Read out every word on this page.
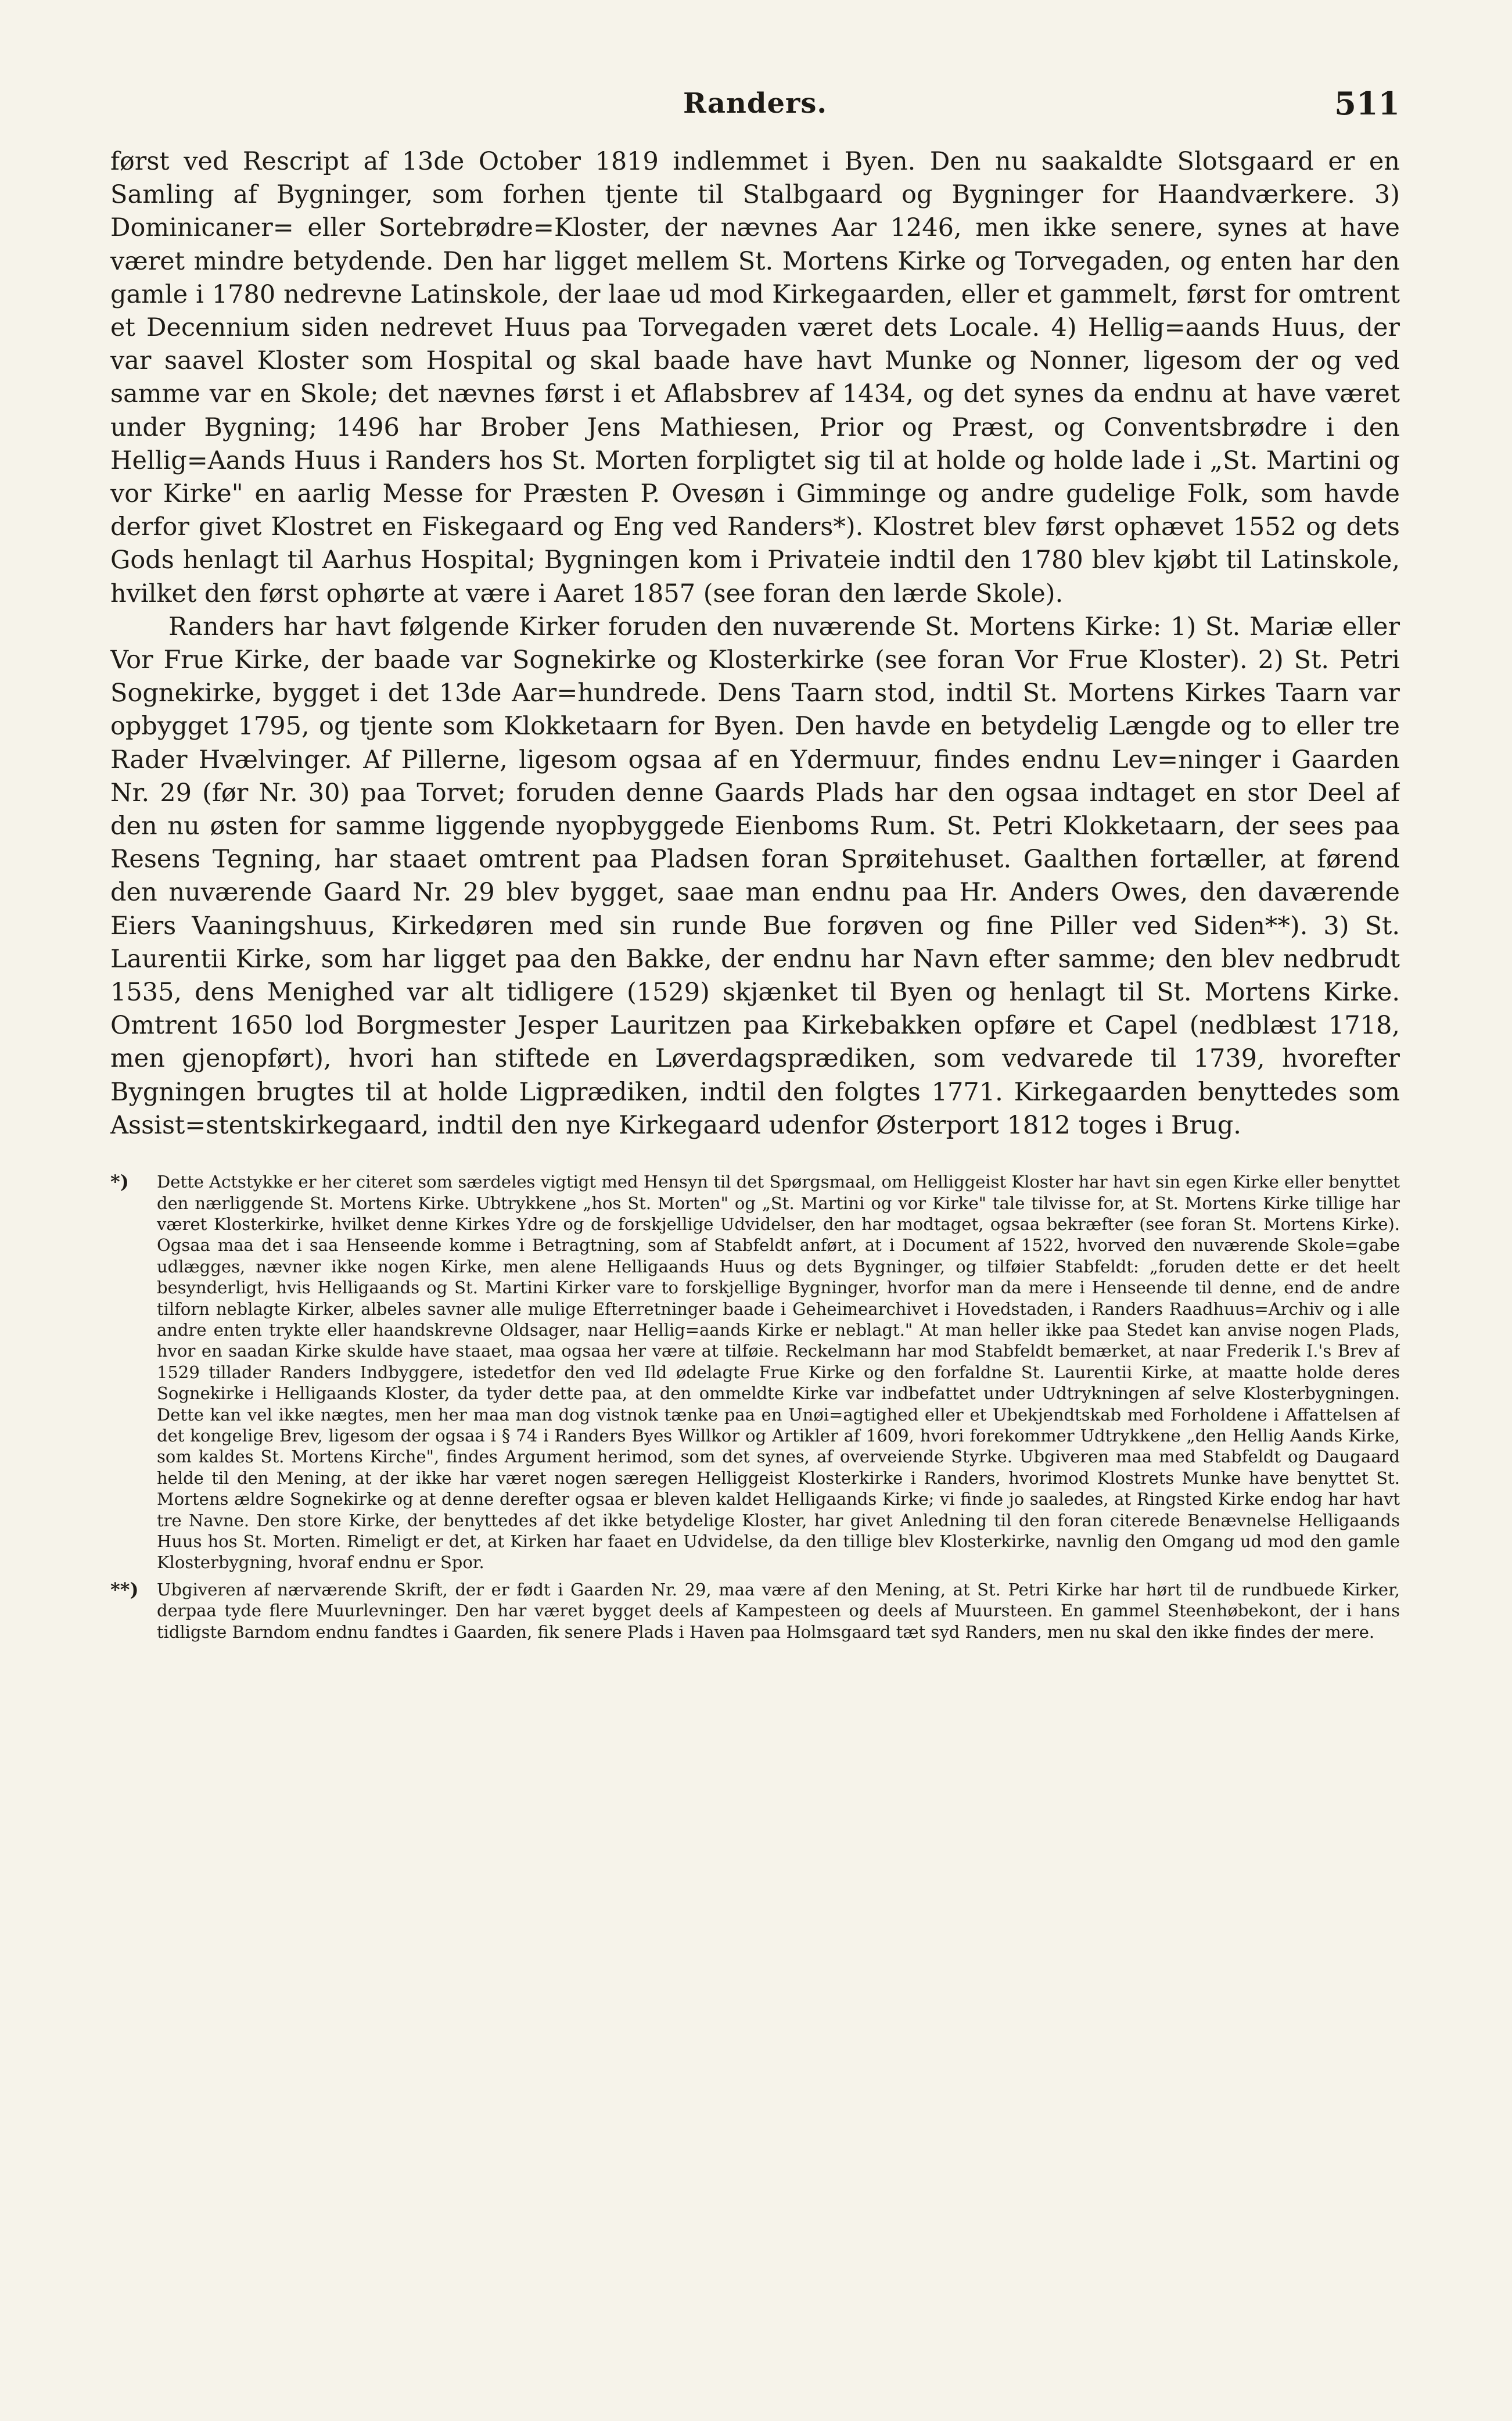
Randers.	511

først ved Rescript af 13de October 1819 indlemmet i Byen. Den nu saakaldte Slotsgaard er en Samling af Bygninger, som forhen tjente til Stalbgaard og Bygninger for Haandværkere. 3) Dominicaner= eller Sortebrødre=Kloster, der nævnes Aar 1246, men ikke senere, synes at have været mindre betydende. Den har ligget mellem St. Mortens Kirke og Torvegaden, og enten har den gamle i 1780 nedrevne Latinskole, der laae ud mod Kirkegaarden, eller et gammelt, først for omtrent et Decennium siden nedrevet Huus paa Torvegaden været dets Locale. 4) Hellig=aands Huus, der var saavel Kloster som Hospital og skal baade have havt Munke og Nonner, ligesom der og ved samme var en Skole; det nævnes først i et Aflabsbrev af 1434, og det synes da endnu at have været under Bygning; 1496 har Brober Jens Mathiesen, Prior og Præst, og Conventsbrødre i den Hellig=Aands Huus i Randers hos St. Morten forpligtet sig til at holde og holde lade i „St. Martini og vor Kirke" en aarlig Messe for Præsten P. Ovesøn i Gimminge og andre gudelige Folk, som havde derfor givet Klostret en Fiskegaard og Eng ved Randers*). Klostret blev først ophævet 1552 og dets Gods henlagt til Aarhus Hospital; Bygningen kom i Privateie indtil den 1780 blev kjøbt til Latinskole, hvilket den først ophørte at være i Aaret 1857 (see foran den lærde Skole).

Randers har havt følgende Kirker foruden den nuværende St. Mortens Kirke: 1) St. Mariæ eller Vor Frue Kirke, der baade var Sognekirke og Klosterkirke (see foran Vor Frue Kloster). 2) St. Petri Sognekirke, bygget i det 13de Aar=hundrede. Dens Taarn stod, indtil St. Mortens Kirkes Taarn var opbygget 1795, og tjente som Klokketaarn for Byen. Den havde en betydelig Længde og to eller tre Rader Hvælvinger. Af Pillerne, ligesom ogsaa af en Ydermuur, findes endnu Lev=ninger i Gaarden Nr. 29 (før Nr. 30) paa Torvet; foruden denne Gaards Plads har den ogsaa indtaget en stor Deel af den nu østen for samme liggende nyopbyggede Eienboms Rum. St. Petri Klokketaarn, der sees paa Resens Tegning, har staaet omtrent paa Pladsen foran Sprøitehuset. Gaalthen fortæller, at førend den nuværende Gaard Nr. 29 blev bygget, saae man endnu paa Hr. Anders Owes, den daværende Eiers Vaaningshuus, Kirkedøren med sin runde Bue forøven og fine Piller ved Siden**). 3) St. Laurentii Kirke, som har ligget paa den Bakke, der endnu har Navn efter samme; den blev nedbrudt 1535, dens Menighed var alt tidligere (1529) skjænket til Byen og henlagt til St. Mortens Kirke. Omtrent 1650 lod Borgmester Jesper Lauritzen paa Kirkebakken opføre et Capel (nedblæst 1718, men gjenopført), hvori han stiftede en Løverdagsprædiken, som vedvarede til 1739, hvorefter Bygningen brugtes til at holde Ligprædiken, indtil den folgtes 1771. Kirkegaarden benyttedes som Assist=stentskirkegaard, indtil den nye Kirkegaard udenfor Østerport 1812 toges i Brug.

*)	Dette Actstykke er her citeret som særdeles vigtigt med Hensyn til det Spørgsmaal, om Helliggeist Kloster har havt sin egen Kirke eller benyttet den nærliggende St. Mortens Kirke. Ubtrykkene „hos St. Morten" og „St. Martini og vor Kirke" tale tilvisse for, at St. Mortens Kirke tillige har været Klosterkirke, hvilket denne Kirkes Ydre og de forskjellige Udvidelser, den har modtaget, ogsaa bekræfter (see foran St. Mortens Kirke). Ogsaa maa det i saa Henseende komme i Betragtning, som af Stabfeldt anført, at i Document af 1522, hvorved den nuværende Skole=gabe udlægges, nævner ikke nogen Kirke, men alene Helligaands Huus og dets Bygninger, og tilføier Stabfeldt: „foruden dette er det heelt besynderligt, hvis Helligaands og St. Martini Kirker vare to forskjellige Bygninger, hvorfor man da mere i Henseende til denne, end de andre tilforn neblagte Kirker, albeles savner alle mulige Efterretninger baade i Geheimearchivet i Hovedstaden, i Randers Raadhuus=Archiv og i alle andre enten trykte eller haandskrevne Oldsager, naar Hellig=aands Kirke er neblagt." At man heller ikke paa Stedet kan anvise nogen Plads, hvor en saadan Kirke skulde have staaet, maa ogsaa her være at tilføie. Reckelmann har mod Stabfeldt bemærket, at naar Frederik I.'s Brev af 1529 tillader Randers Indbyggere, istedetfor den ved Ild ødelagte Frue Kirke og den forfaldne St. Laurentii Kirke, at maatte holde deres Sognekirke i Helligaands Kloster, da tyder dette paa, at den ommeldte Kirke var indbefattet under Udtrykningen af selve Klosterbygningen. Dette kan vel ikke nægtes, men her maa man dog vistnok tænke paa en Unøi=agtighed eller et Ubekjendtskab med Forholdene i Affattelsen af det kongelige Brev, ligesom der ogsaa i § 74 i Randers Byes Willkor og Artikler af 1609, hvori forekommer Udtrykkene „den Hellig Aands Kirke, som kaldes St. Mortens Kirche", findes Argument herimod, som det synes, af overveiende Styrke. Ubgiveren maa med Stabfeldt og Daugaard helde til den Mening, at der ikke har været nogen særegen Helliggeist Klosterkirke i Randers, hvorimod Klostrets Munke have benyttet St. Mortens ældre Sognekirke og at denne derefter ogsaa er bleven kaldet Helligaands Kirke; vi finde jo saaledes, at Ringsted Kirke endog har havt tre Navne. Den store Kirke, der benyttedes af det ikke betydelige Kloster, har givet Anledning til den foran citerede Benævnelse Helligaands Huus hos St. Morten. Rimeligt er det, at Kirken har faaet en Udvidelse, da den tillige blev Klosterkirke, navnlig den Omgang ud mod den gamle Klosterbygning, hvoraf endnu er Spor.
**)	Ubgiveren af nærværende Skrift, der er født i Gaarden Nr. 29, maa være af den Mening, at St. Petri Kirke har hørt til de rundbuede Kirker, derpaa tyde flere Muurlevninger. Den har været bygget deels af Kampesteen og deels af Muursteen. En gammel Steenhøbekont, der i hans tidligste Barndom endnu fandtes i Gaarden, fik senere Plads i Haven paa Holmsgaard tæt syd Randers, men nu skal den ikke findes der mere.
